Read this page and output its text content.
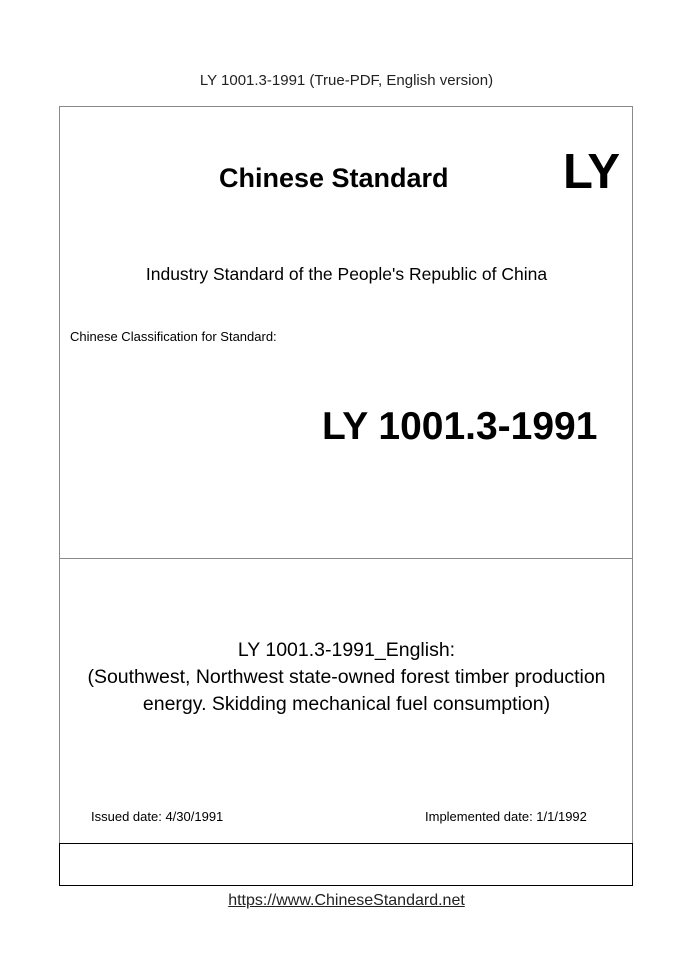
LY 1001.3-1991 (True-PDF, English version)
Chinese Standard LY
Industry Standard of the People's Republic of China
Chinese Classification for Standard:
LY 1001.3-1991
LY 1001.3-1991_English:
(Southwest, Northwest state-owned forest timber production
energy. Skidding mechanical fuel consumption)
Issued date: 4/30/1991	Implemented date: 1/1/1992
https://www.ChineseStandard.net
